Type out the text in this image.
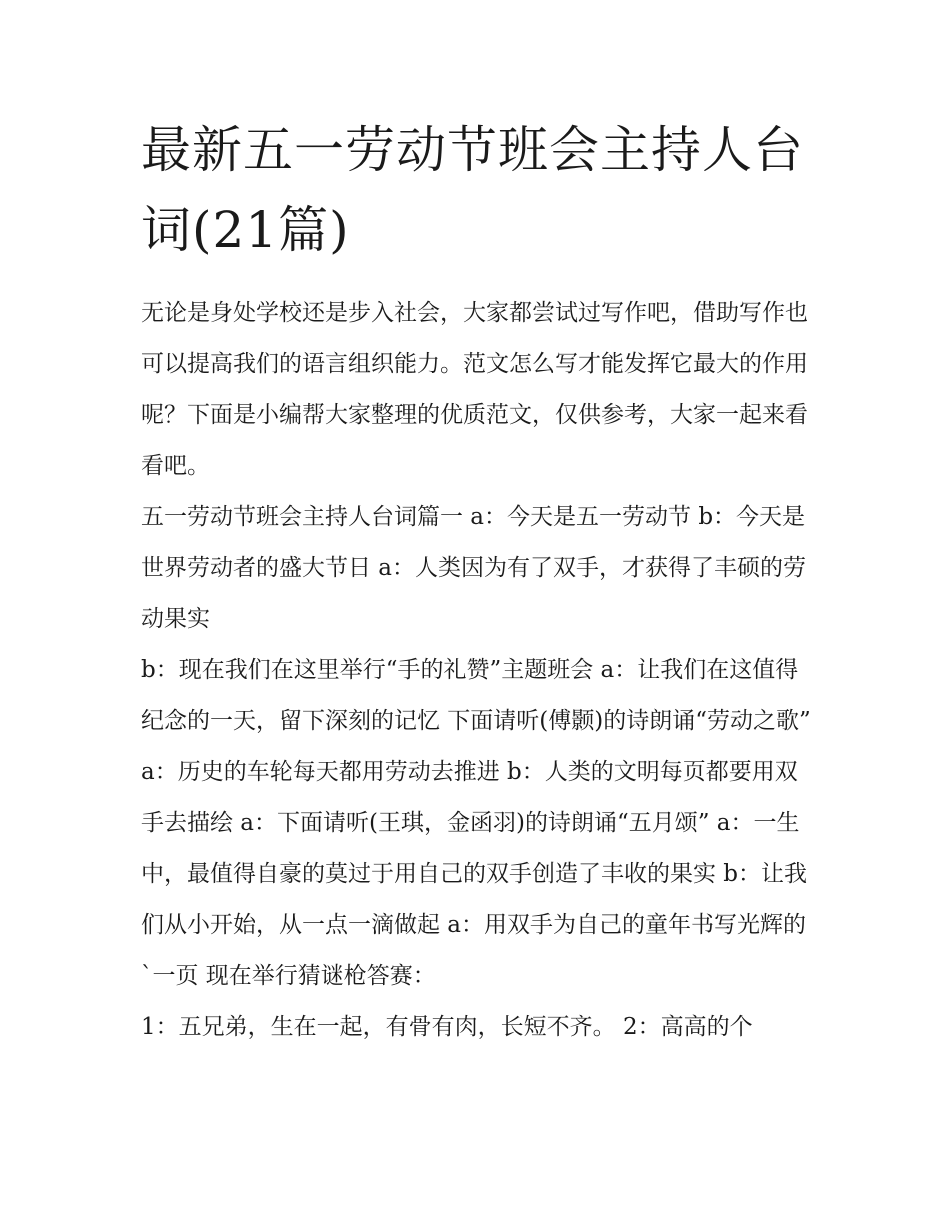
最新五一劳动节班会主持人台词(21篇)

无论是身处学校还是步入社会，大家都尝试过写作吧，借助写作也可以提高我们的语言组织能力。范文怎么写才能发挥它最大的作用呢？下面是小编帮大家整理的优质范文，仅供参考，大家一起来看看吧。

五一劳动节班会主持人台词篇一 a：今天是五一劳动节 b：今天是世界劳动者的盛大节日 a：人类因为有了双手，才获得了丰硕的劳动果实

b：现在我们在这里举行“手的礼赞”主题班会 a：让我们在这值得纪念的一天，留下深刻的记忆 下面请听(傅颢)的诗朗诵“劳动之歌”

a：历史的车轮每天都用劳动去推进 b：人类的文明每页都要用双手去描绘 a：下面请听(王琪，金函羽)的诗朗诵“五月颂” a：一生中，最值得自豪的莫过于用自己的双手创造了丰收的果实 b：让我们从小开始，从一点一滴做起 a：用双手为自己的童年书写光辉的`一页 现在举行猜谜枪答赛：

1：五兄弟，生在一起，有骨有肉，长短不齐。 2：高高的个
